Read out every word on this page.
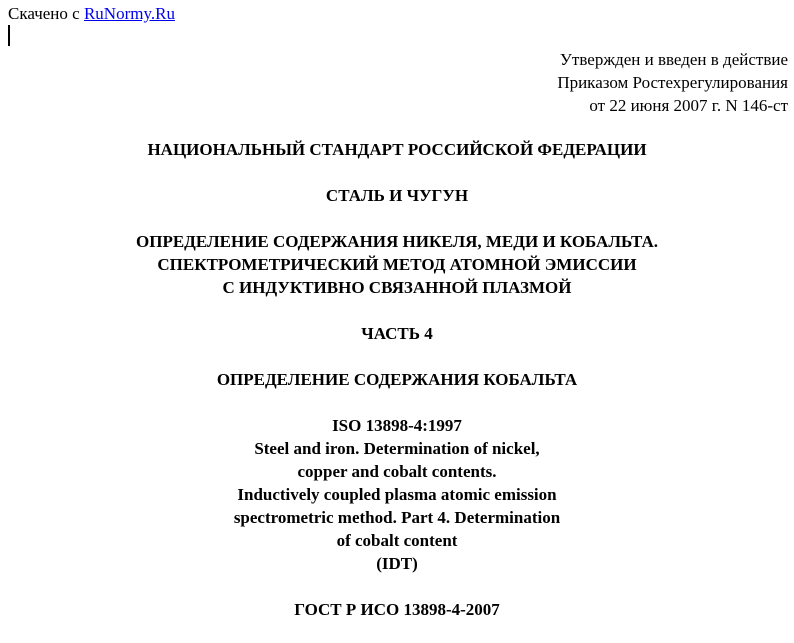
Скачено с RuNormy.Ru
Утвержден и введен в действие
Приказом Ростехрегулирования
от 22 июня 2007 г. N 146-ст
НАЦИОНАЛЬНЫЙ СТАНДАРТ РОССИЙСКОЙ ФЕДЕРАЦИИ
СТАЛЬ И ЧУГУН
ОПРЕДЕЛЕНИЕ СОДЕРЖАНИЯ НИКЕЛЯ, МЕДИ И КОБАЛЬТА.
СПЕКТРОМЕТРИЧЕСКИЙ МЕТОД АТОМНОЙ ЭМИССИИ
С ИНДУКТИВНО СВЯЗАННОЙ ПЛАЗМОЙ
ЧАСТЬ 4
ОПРЕДЕЛЕНИЕ СОДЕРЖАНИЯ КОБАЛЬТА
ISO 13898-4:1997
Steel and iron. Determination of nickel,
copper and cobalt contents.
Inductively coupled plasma atomic emission
spectrometric method. Part 4. Determination
of cobalt content
(IDT)
ГОСТ Р ИСО 13898-4-2007
